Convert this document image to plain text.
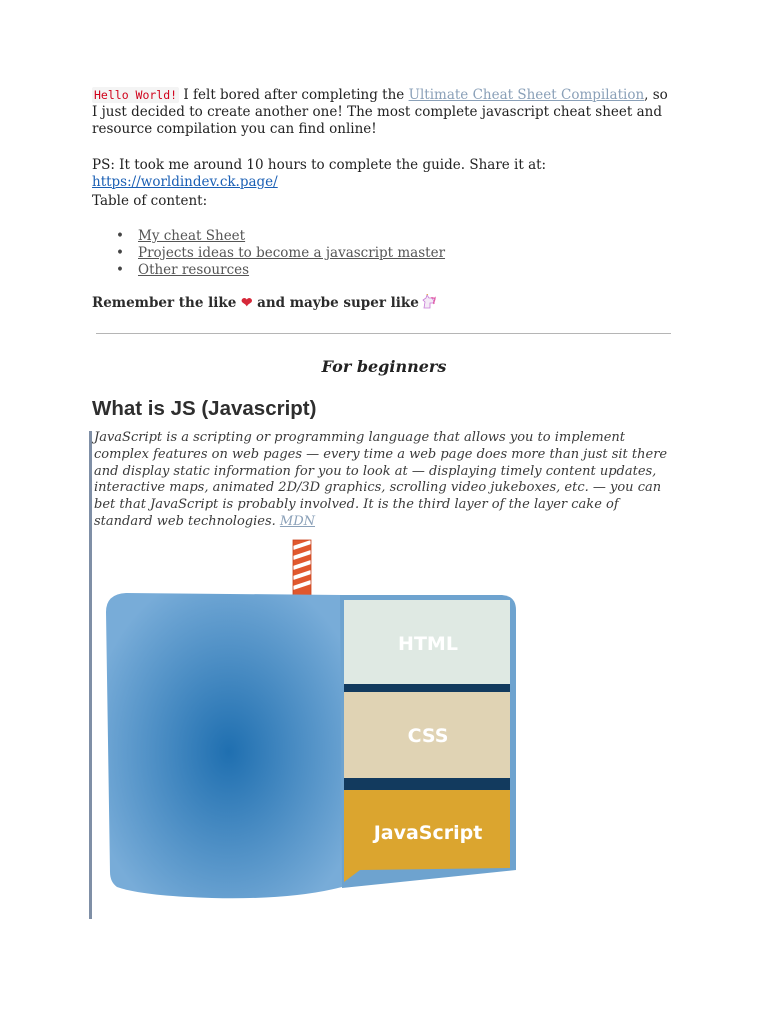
Hello World! I felt bored after completing the Ultimate Cheat Sheet Compilation, so I just decided to create another one! The most complete javascript cheat sheet and resource compilation you can find online!

PS: It took me around 10 hours to complete the guide. Share it at: https://worldindev.ck.page/

Table of content:

• My cheat Sheet
• Projects ideas to become a javascript master
• Other resources

Remember the like ❤ and maybe super like

For beginners
What is JS (Javascript)

JavaScript is a scripting or programming language that allows you to implement complex features on web pages — every time a web page does more than just sit there and display static information for you to look at — displaying timely content updates, interactive maps, animated 2D/3D graphics, scrolling video jukeboxes, etc. — you can bet that JavaScript is probably involved. It is the third layer of the layer cake of standard web technologies. MDN

HTML
CSS
JavaScript
